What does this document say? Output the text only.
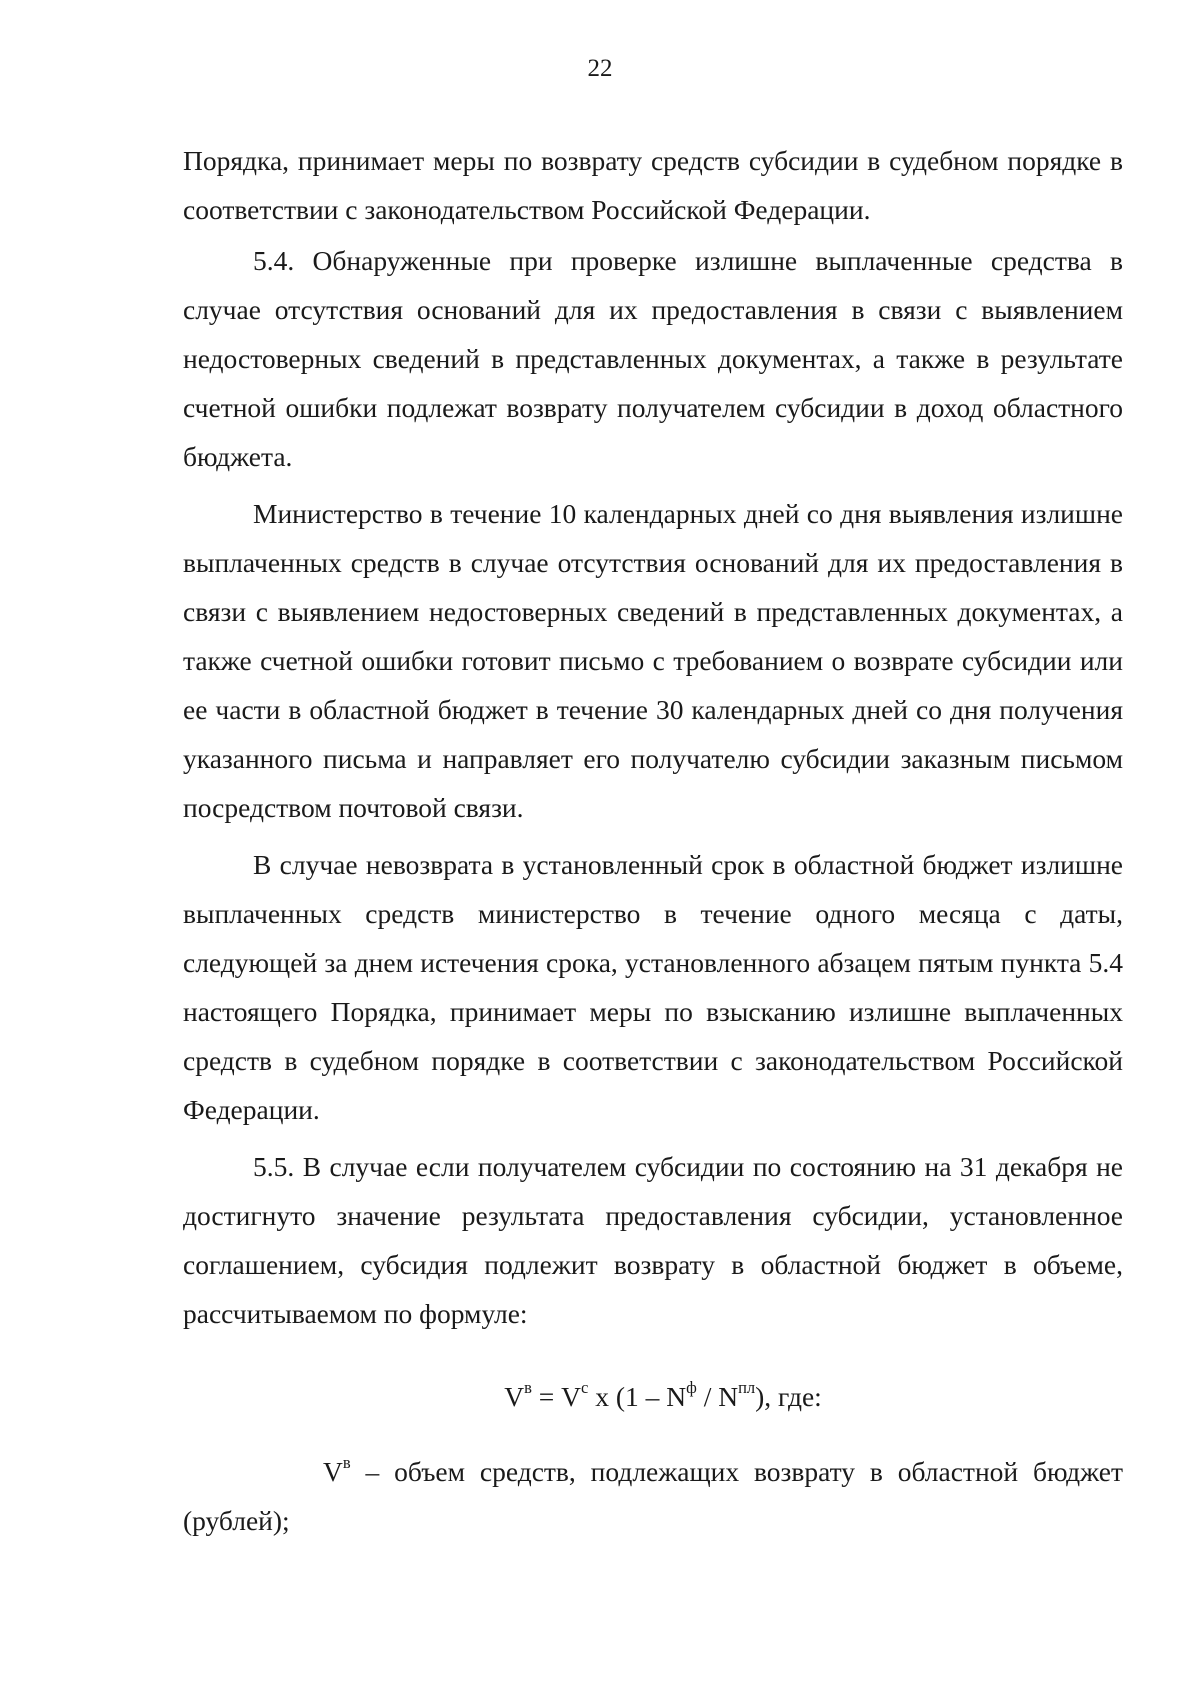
22

Порядка, принимает меры по возврату средств субсидии в судебном порядке в соответствии с законодательством Российской Федерации.

5.4. Обнаруженные при проверке излишне выплаченные средства в случае отсутствия оснований для их предоставления в связи с выявлением недостоверных сведений в представленных документах, а также в результате счетной ошибки подлежат возврату получателем субсидии в доход областного бюджета.

Министерство в течение 10 календарных дней со дня выявления излишне выплаченных средств в случае отсутствия оснований для их предоставления в связи с выявлением недостоверных сведений в представленных документах, а также счетной ошибки готовит письмо с требованием о возврате субсидии или ее части в областной бюджет в течение 30 календарных дней со дня получения указанного письма и направляет его получателю субсидии заказным письмом посредством почтовой связи.

В случае невозврата в установленный срок в областной бюджет излишне выплаченных средств министерство в течение одного месяца с даты, следующей за днем истечения срока, установленного абзацем пятым пункта 5.4 настоящего Порядка, принимает меры по взысканию излишне выплаченных средств в судебном порядке в соответствии с законодательством Российской Федерации.

5.5. В случае если получателем субсидии по состоянию на 31 декабря не достигнуто значение результата предоставления субсидии, установленное соглашением, субсидия подлежит возврату в областной бюджет в объеме, рассчитываемом по формуле:

$V^в = V^с$ x $(1 - N^ф / N^{пл})$, где:

$V^в$ – объем средств, подлежащих возврату в областной бюджет (рублей);
